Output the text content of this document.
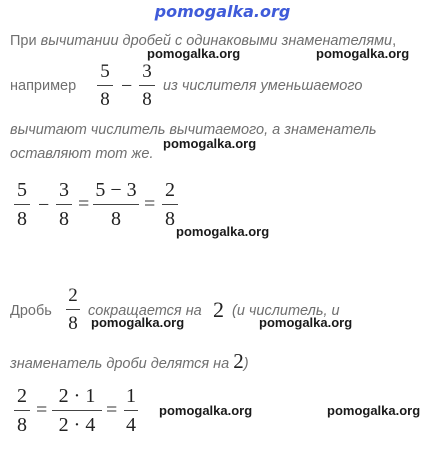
pomogalka.org
При вычитании дробей с одинаковыми знаменателями,
например
5
8
−
3
8
из числителя уменьшаемого
вычитают числитель вычитаемого, а знаменатель
оставляют тот же.
5
8
−
3
8
=
5 − 3
8
=
2
8
Дробь
2
8
сокращается на 2 (и числитель, и
знаменатель дроби делятся на 2)
2
8
=
2 · 1
2 · 4
=
1
4
pomogalka.org	pomogalka.org
pomogalka.org
pomogalka.org
pomogalka.org	pomogalka.org
pomogalka.org	pomogalka.org
